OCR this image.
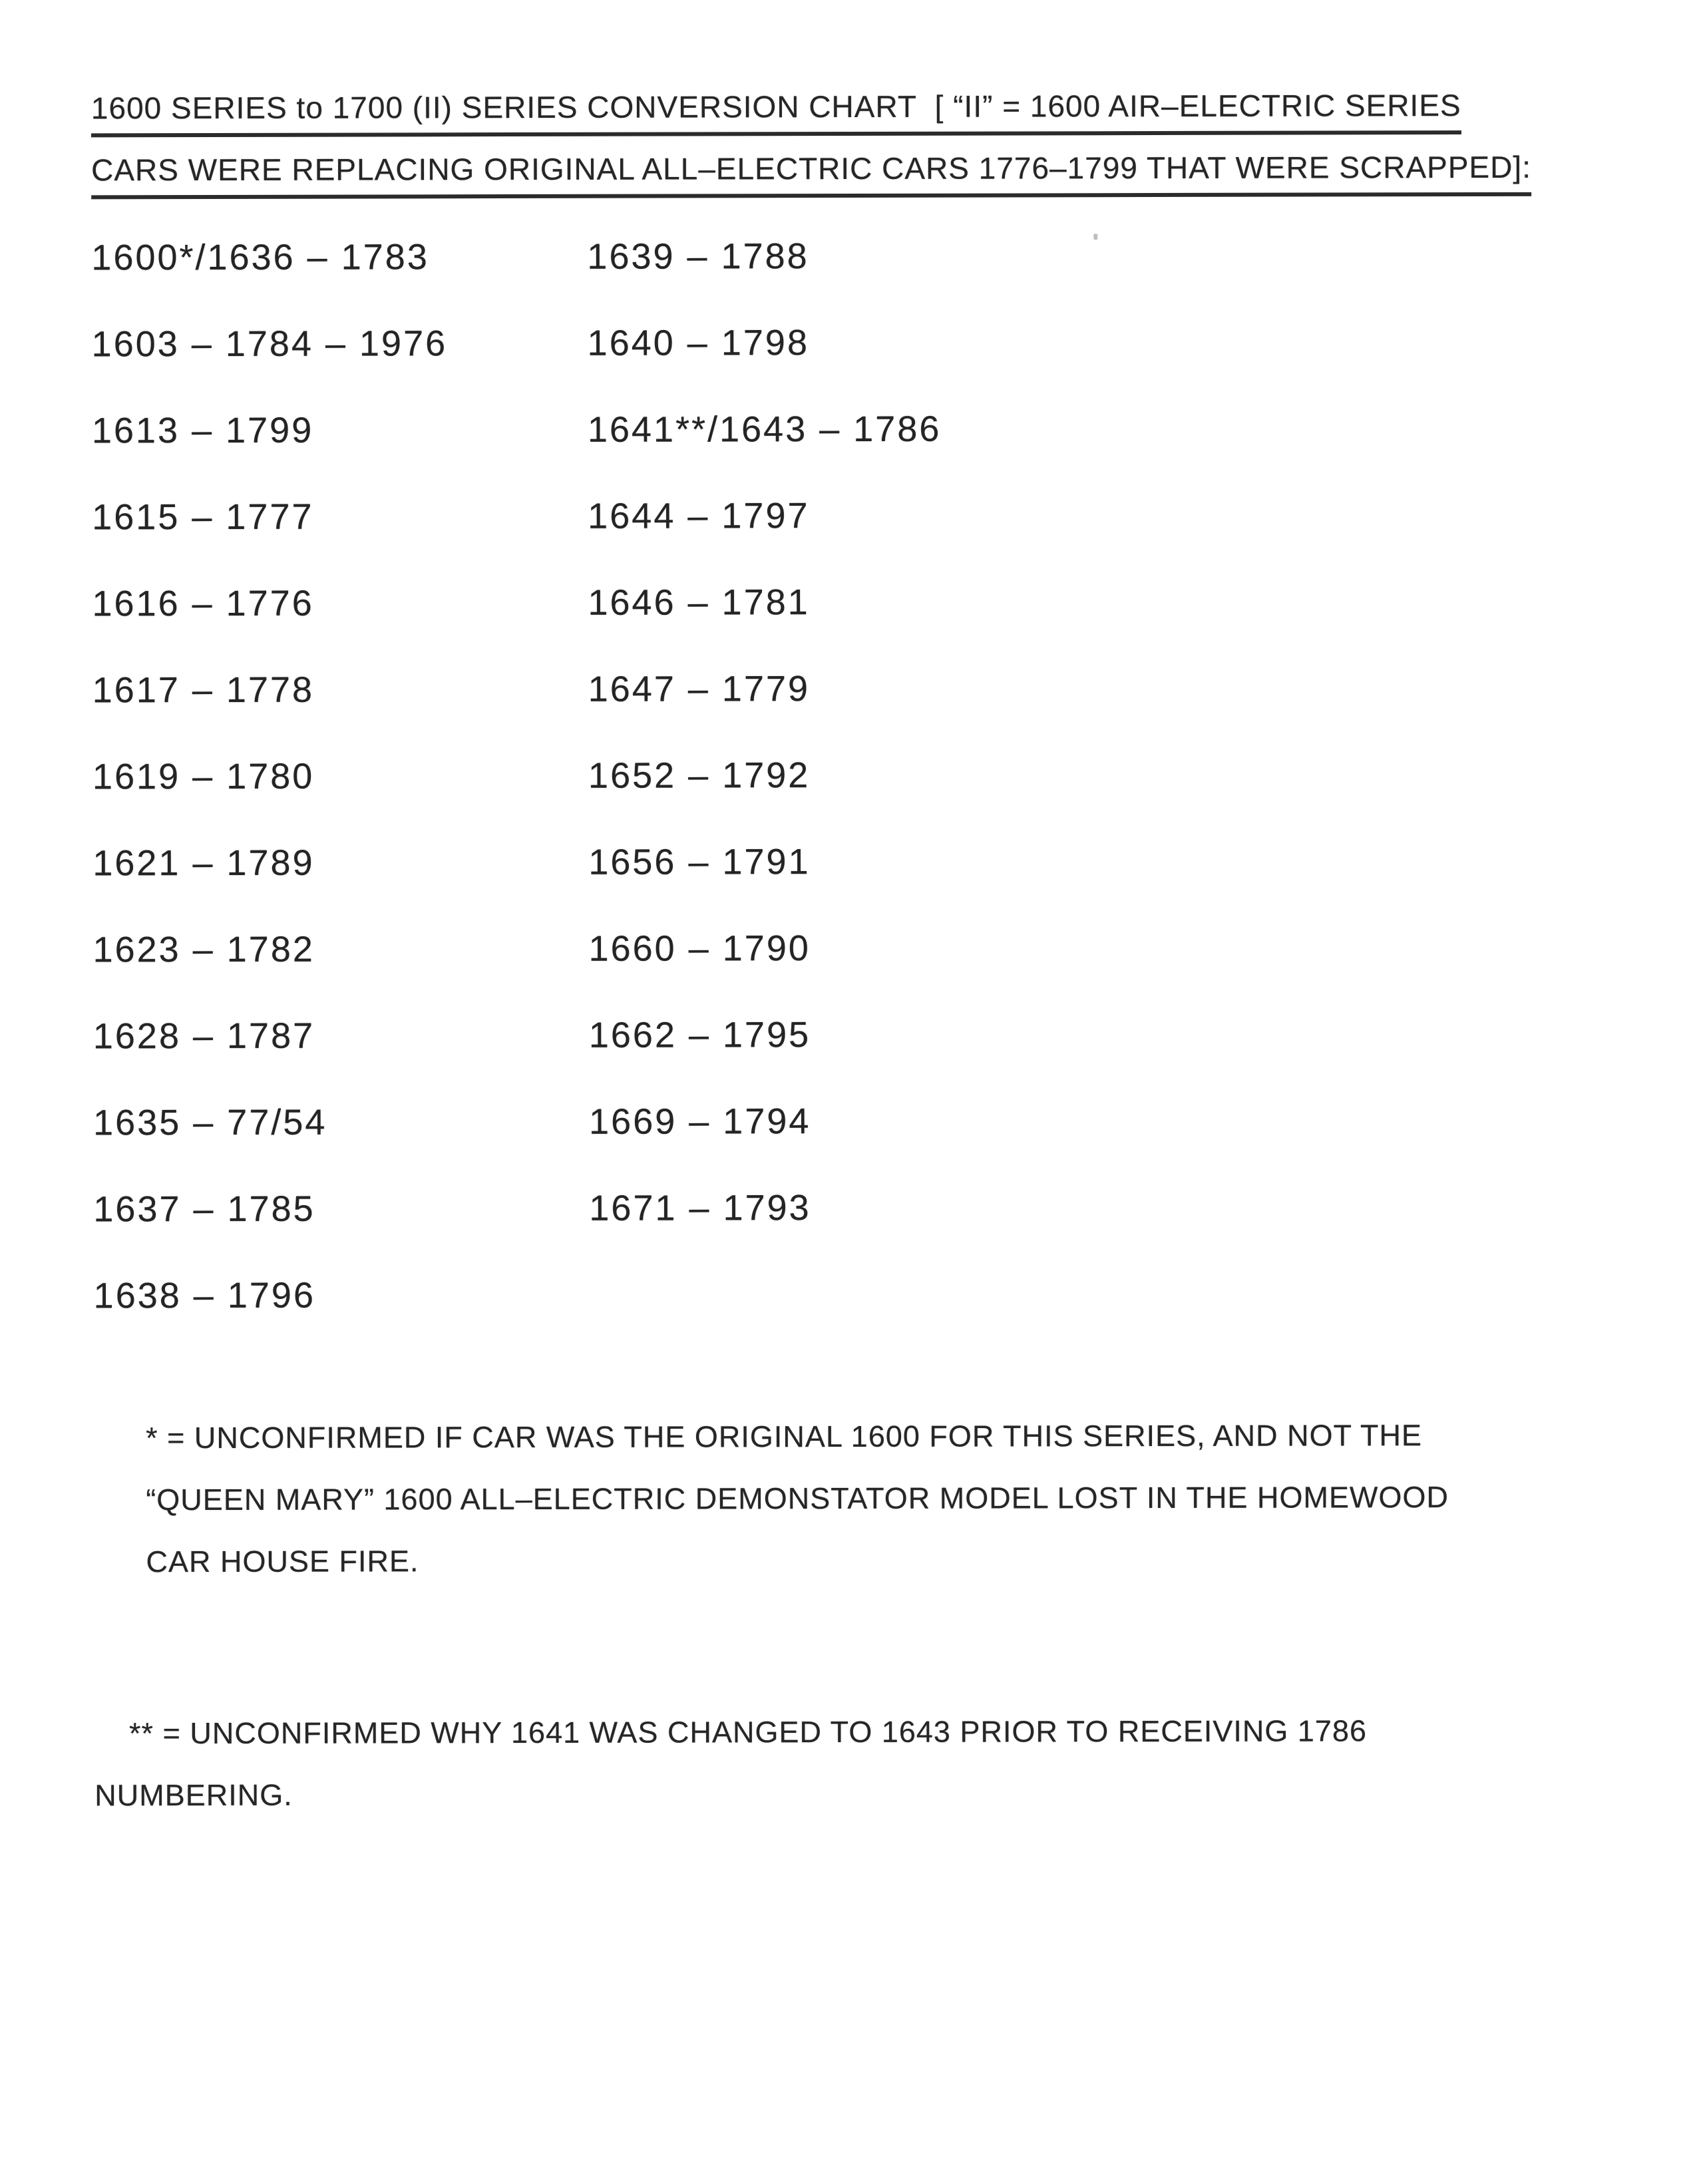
1600 SERIES to 1700 (II) SERIES CONVERSION CHART  [ “II” = 1600 AIR–ELECTRIC SERIES
CARS WERE REPLACING ORIGINAL ALL–ELECTRIC CARS 1776–1799 THAT WERE SCRAPPED]:
1600*/1636 – 1783
1603 – 1784 – 1976
1613 – 1799
1615 – 1777
1616 – 1776
1617 – 1778
1619 – 1780
1621 – 1789
1623 – 1782
1628 – 1787
1635 – 77/54
1637 – 1785
1638 – 1796
1639 – 1788
1640 – 1798
1641**/1643 – 1786
1644 – 1797
1646 – 1781
1647 – 1779
1652 – 1792
1656 – 1791
1660 – 1790
1662 – 1795
1669 – 1794
1671 – 1793
* = UNCONFIRMED IF CAR WAS THE ORIGINAL 1600 FOR THIS SERIES, AND NOT THE
“QUEEN MARY” 1600 ALL–ELECTRIC DEMONSTATOR MODEL LOST IN THE HOMEWOOD
CAR HOUSE FIRE.
** = UNCONFIRMED WHY 1641 WAS CHANGED TO 1643 PRIOR TO RECEIVING 1786
NUMBERING.
